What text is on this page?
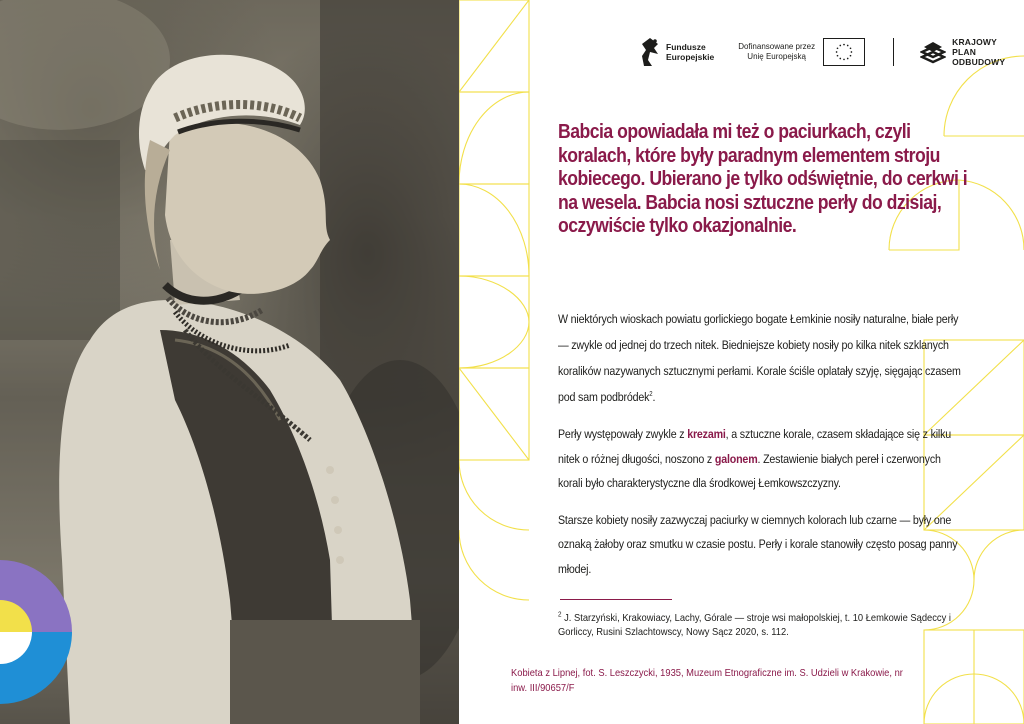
Fundusze
Europejskie
Dofinansowane przez
Unię Europejską
KRAJOWY
PLAN
ODBUDOWY
Babcia opowiadała mi też o paciurkach, czyli koralach, które były paradnym elementem stroju kobiecego. Ubierano je tylko odświętnie, do cerkwi i na wesela. Babcia nosi sztuczne perły do dzisiaj, oczywiście tylko okazjonalnie.

W niektórych wioskach powiatu gorlickiego bogate Łemkinie nosiły naturalne, białe perły — zwykle od jednej do trzech nitek. Biedniejsze kobiety nosiły po kilka nitek szklanych koralików nazywanych sztucznymi perłami. Korale ściśle oplatały szyję, sięgając czasem pod sam podbródek$^2$.

Perły występowały zwykle z krezami, a sztuczne korale, czasem składające się z kilku nitek o różnej długości, noszono z galonem. Zestawienie białych pereł i czerwonych korali było charakterystyczne dla środkowej Łemkowszczyzny.

Starsze kobiety nosiły zazwyczaj paciurky w ciemnych kolorach lub czarne — były one oznaką żałoby oraz smutku w czasie postu. Perły i korale stanowiły często posag panny młodej.

$^2$ J. Starzyński, Krakowiacy, Lachy, Górale — stroje wsi małopolskiej, t. 10 Łemkowie Sądeccy i Gorliccy, Rusini Szlachtowscy, Nowy Sącz 2020, s. 112.
Kobieta z Lipnej, fot. S. Leszczycki, 1935, Muzeum Etnograficzne im. S. Udzieli w Krakowie, nr inw. III/90657/F
